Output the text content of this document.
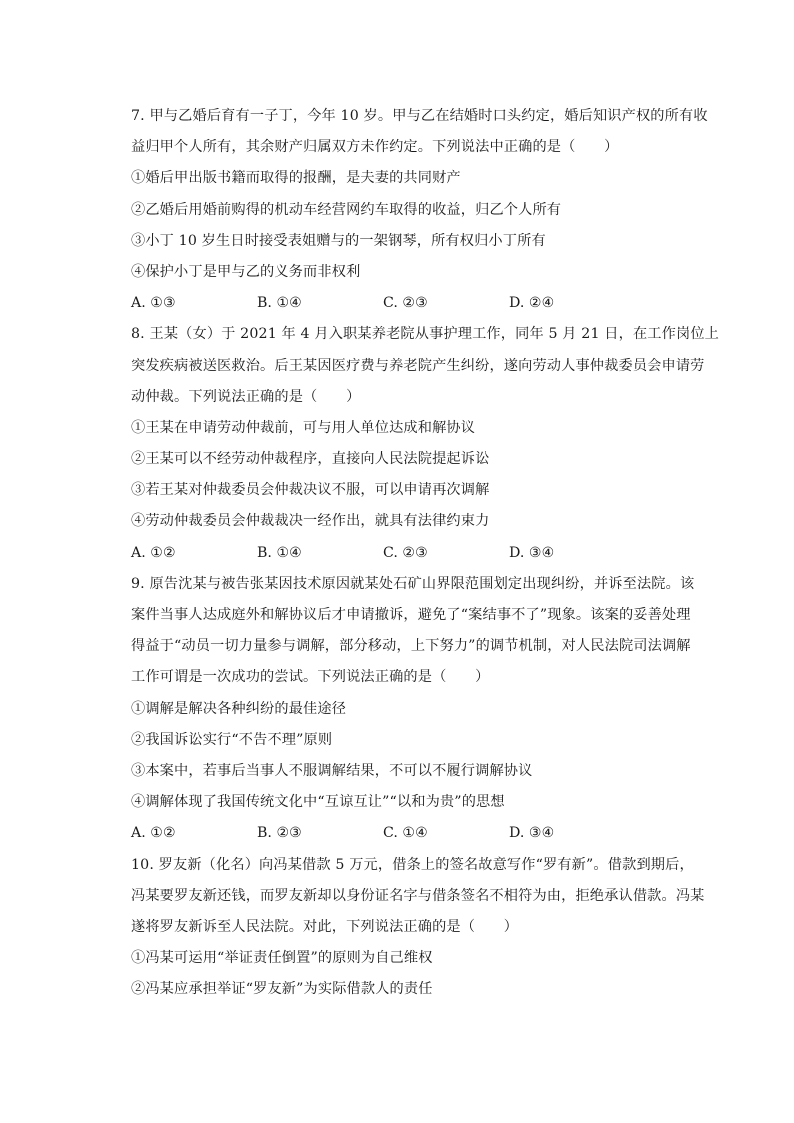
7. 甲与乙婚后育有一子丁，今年 10 岁。甲与乙在结婚时口头约定，婚后知识产权的所有收
益归甲个人所有，其余财产归属双方未作约定。下列说法中正确的是（　　）
①婚后甲出版书籍而取得的报酬，是夫妻的共同财产
②乙婚后用婚前购得的机动车经营网约车取得的收益，归乙个人所有
③小丁 10 岁生日时接受表姐赠与的一架钢琴，所有权归小丁所有
④保护小丁是甲与乙的义务而非权利
A. ①③	B. ①④	C. ②③	D. ②④
8. 王某（女）于 2021 年 4 月入职某养老院从事护理工作，同年 5 月 21 日，在工作岗位上
突发疾病被送医救治。后王某因医疗费与养老院产生纠纷，遂向劳动人事仲裁委员会申请劳
动仲裁。下列说法正确的是（　　）
①王某在申请劳动仲裁前，可与用人单位达成和解协议
②王某可以不经劳动仲裁程序，直接向人民法院提起诉讼
③若王某对仲裁委员会仲裁决议不服，可以申请再次调解
④劳动仲裁委员会仲裁裁决一经作出，就具有法律约束力
A. ①②	B. ①④	C. ②③	D. ③④
9. 原告沈某与被告张某因技术原因就某处石矿山界限范围划定出现纠纷，并诉至法院。该
案件当事人达成庭外和解协议后才申请撤诉，避免了“案结事不了”现象。该案的妥善处理
得益于“动员一切力量参与调解，部分移动，上下努力”的调节机制，对人民法院司法调解
工作可谓是一次成功的尝试。下列说法正确的是（　　）
①调解是解决各种纠纷的最佳途径
②我国诉讼实行“不告不理”原则
③本案中，若事后当事人不服调解结果，不可以不履行调解协议
④调解体现了我国传统文化中“互谅互让”“以和为贵”的思想
A. ①②	B. ②③	C. ①④	D. ③④
10. 罗友新（化名）向冯某借款 5 万元，借条上的签名故意写作“罗有新”。借款到期后，
冯某要罗友新还钱，而罗友新却以身份证名字与借条签名不相符为由，拒绝承认借款。冯某
遂将罗友新诉至人民法院。对此，下列说法正确的是（　　）
①冯某可运用“举证责任倒置”的原则为自己维权
②冯某应承担举证“罗友新”为实际借款人的责任
